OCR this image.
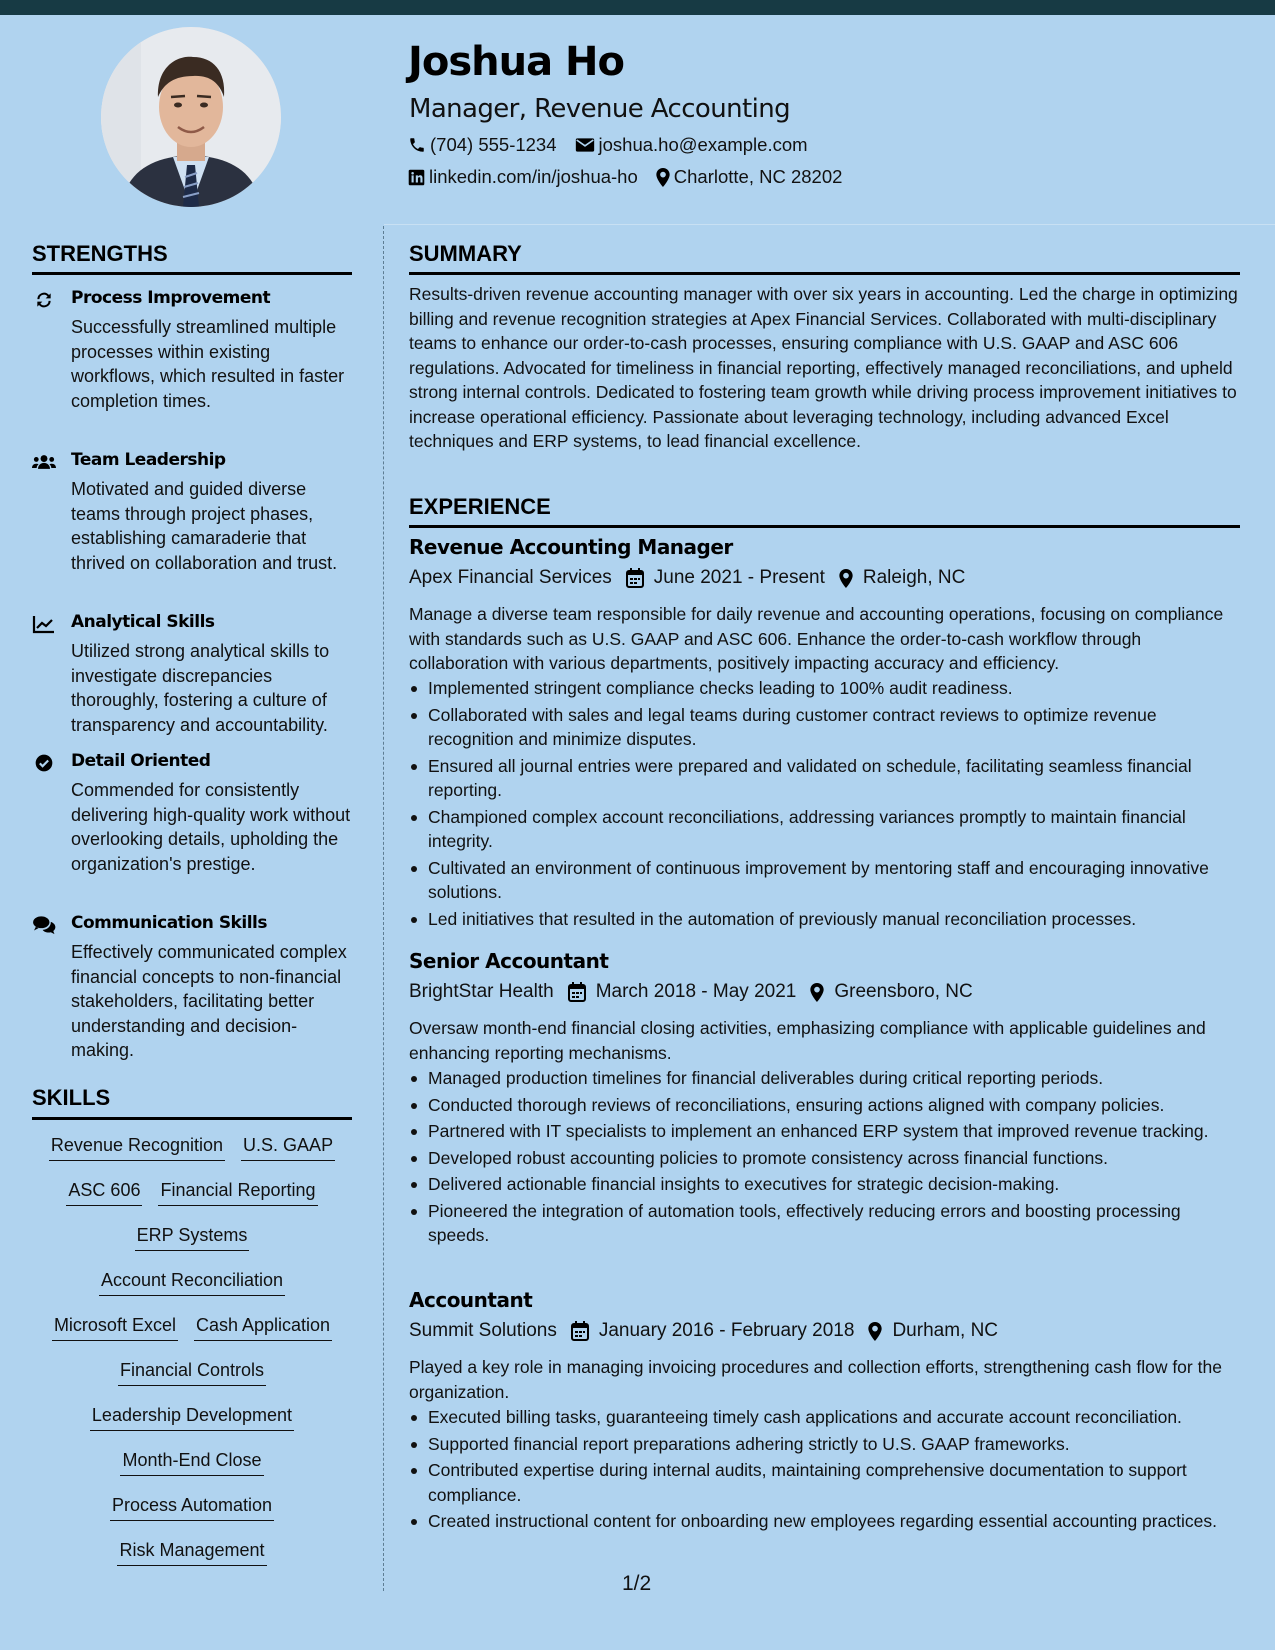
Joshua Ho
Manager, Revenue Accounting
(704) 555-1234 joshua.ho@example.com
linkedin.com/in/joshua-ho Charlotte, NC 28202
STRENGTHS
Process Improvement
Successfully streamlined multiple processes within existing workflows, which resulted in faster completion times.
Team Leadership
Motivated and guided diverse teams through project phases, establishing camaraderie that thrived on collaboration and trust.
Analytical Skills
Utilized strong analytical skills to investigate discrepancies thoroughly, fostering a culture of transparency and accountability.
Detail Oriented
Commended for consistently delivering high-quality work without overlooking details, upholding the organization's prestige.
Communication Skills
Effectively communicated complex financial concepts to non-financial stakeholders, facilitating better understanding and decision-making.
SKILLS
Revenue Recognition U.S. GAAP
ASC 606 Financial Reporting
ERP Systems
Account Reconciliation
Microsoft Excel Cash Application
Financial Controls
Leadership Development
Month-End Close
Process Automation
Risk Management
SUMMARY

Results-driven revenue accounting manager with over six years in accounting. Led the charge in optimizing billing and revenue recognition strategies at Apex Financial Services. Collaborated with multi-disciplinary teams to enhance our order-to-cash processes, ensuring compliance with U.S. GAAP and ASC 606 regulations. Advocated for timeliness in financial reporting, effectively managed reconciliations, and upheld strong internal controls. Dedicated to fostering team growth while driving process improvement initiatives to increase operational efficiency. Passionate about leveraging technology, including advanced Excel techniques and ERP systems, to lead financial excellence.

EXPERIENCE
Revenue Accounting Manager
Apex Financial Services June 2021 - Present Raleigh, NC

Manage a diverse team responsible for daily revenue and accounting operations, focusing on compliance with standards such as U.S. GAAP and ASC 606. Enhance the order-to-cash workflow through collaboration with various departments, positively impacting accuracy and efficiency.

Implemented stringent compliance checks leading to 100% audit readiness.
Collaborated with sales and legal teams during customer contract reviews to optimize revenue recognition and minimize disputes.
Ensured all journal entries were prepared and validated on schedule, facilitating seamless financial reporting.
Championed complex account reconciliations, addressing variances promptly to maintain financial integrity.
Cultivated an environment of continuous improvement by mentoring staff and encouraging innovative solutions.
Led initiatives that resulted in the automation of previously manual reconciliation processes.
Senior Accountant
BrightStar Health March 2018 - May 2021 Greensboro, NC

Oversaw month-end financial closing activities, emphasizing compliance with applicable guidelines and enhancing reporting mechanisms.

Managed production timelines for financial deliverables during critical reporting periods.
Conducted thorough reviews of reconciliations, ensuring actions aligned with company policies.
Partnered with IT specialists to implement an enhanced ERP system that improved revenue tracking.
Developed robust accounting policies to promote consistency across financial functions.
Delivered actionable financial insights to executives for strategic decision-making.
Pioneered the integration of automation tools, effectively reducing errors and boosting processing speeds.
Accountant
Summit Solutions January 2016 - February 2018 Durham, NC

Played a key role in managing invoicing procedures and collection efforts, strengthening cash flow for the organization.

Executed billing tasks, guaranteeing timely cash applications and accurate account reconciliation.
Supported financial report preparations adhering strictly to U.S. GAAP frameworks.
Contributed expertise during internal audits, maintaining comprehensive documentation to support compliance.
Created instructional content for onboarding new employees regarding essential accounting practices.
1/2
